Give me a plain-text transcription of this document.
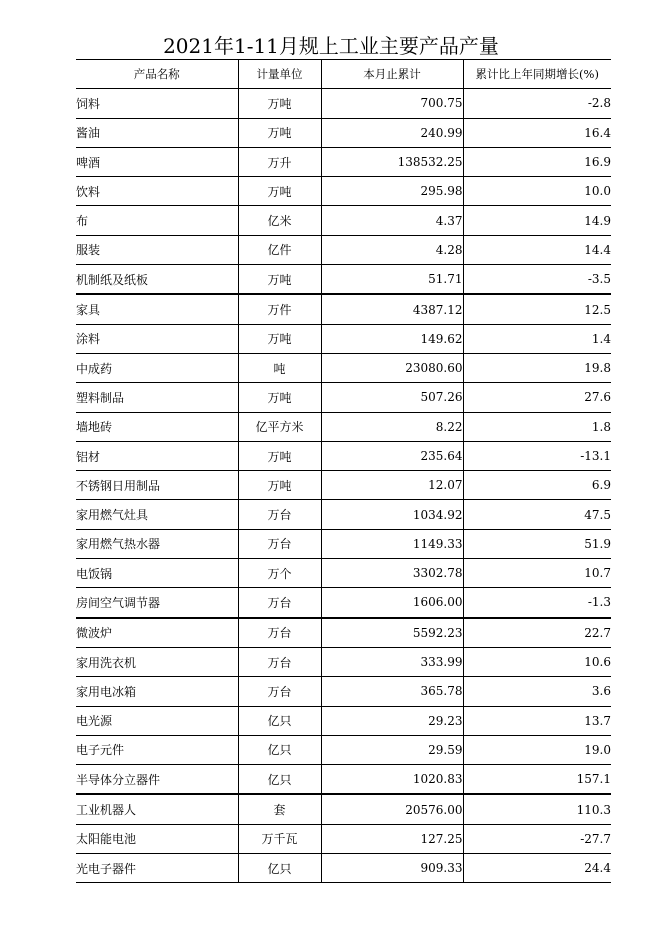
2021年1-11月规上工业主要产品产量
产品名称	计量单位	本月止累计	累计比上年同期增长(%)
饲料	万吨	700.75	-2.8
酱油	万吨	240.99	16.4
啤酒	万升	138532.25	16.9
饮料	万吨	295.98	10.0
布	亿米	4.37	14.9
服装	亿件	4.28	14.4
机制纸及纸板	万吨	51.71	-3.5
家具	万件	4387.12	12.5
涂料	万吨	149.62	1.4
中成药	吨	23080.60	19.8
塑料制品	万吨	507.26	27.6
墙地砖	亿平方米	8.22	1.8
铝材	万吨	235.64	-13.1
不锈钢日用制品	万吨	12.07	6.9
家用燃气灶具	万台	1034.92	47.5
家用燃气热水器	万台	1149.33	51.9
电饭锅	万个	3302.78	10.7
房间空气调节器	万台	1606.00	-1.3
微波炉	万台	5592.23	22.7
家用洗衣机	万台	333.99	10.6
家用电冰箱	万台	365.78	3.6
电光源	亿只	29.23	13.7
电子元件	亿只	29.59	19.0
半导体分立器件	亿只	1020.83	157.1
工业机器人	套	20576.00	110.3
太阳能电池	万千瓦	127.25	-27.7
光电子器件	亿只	909.33	24.4
